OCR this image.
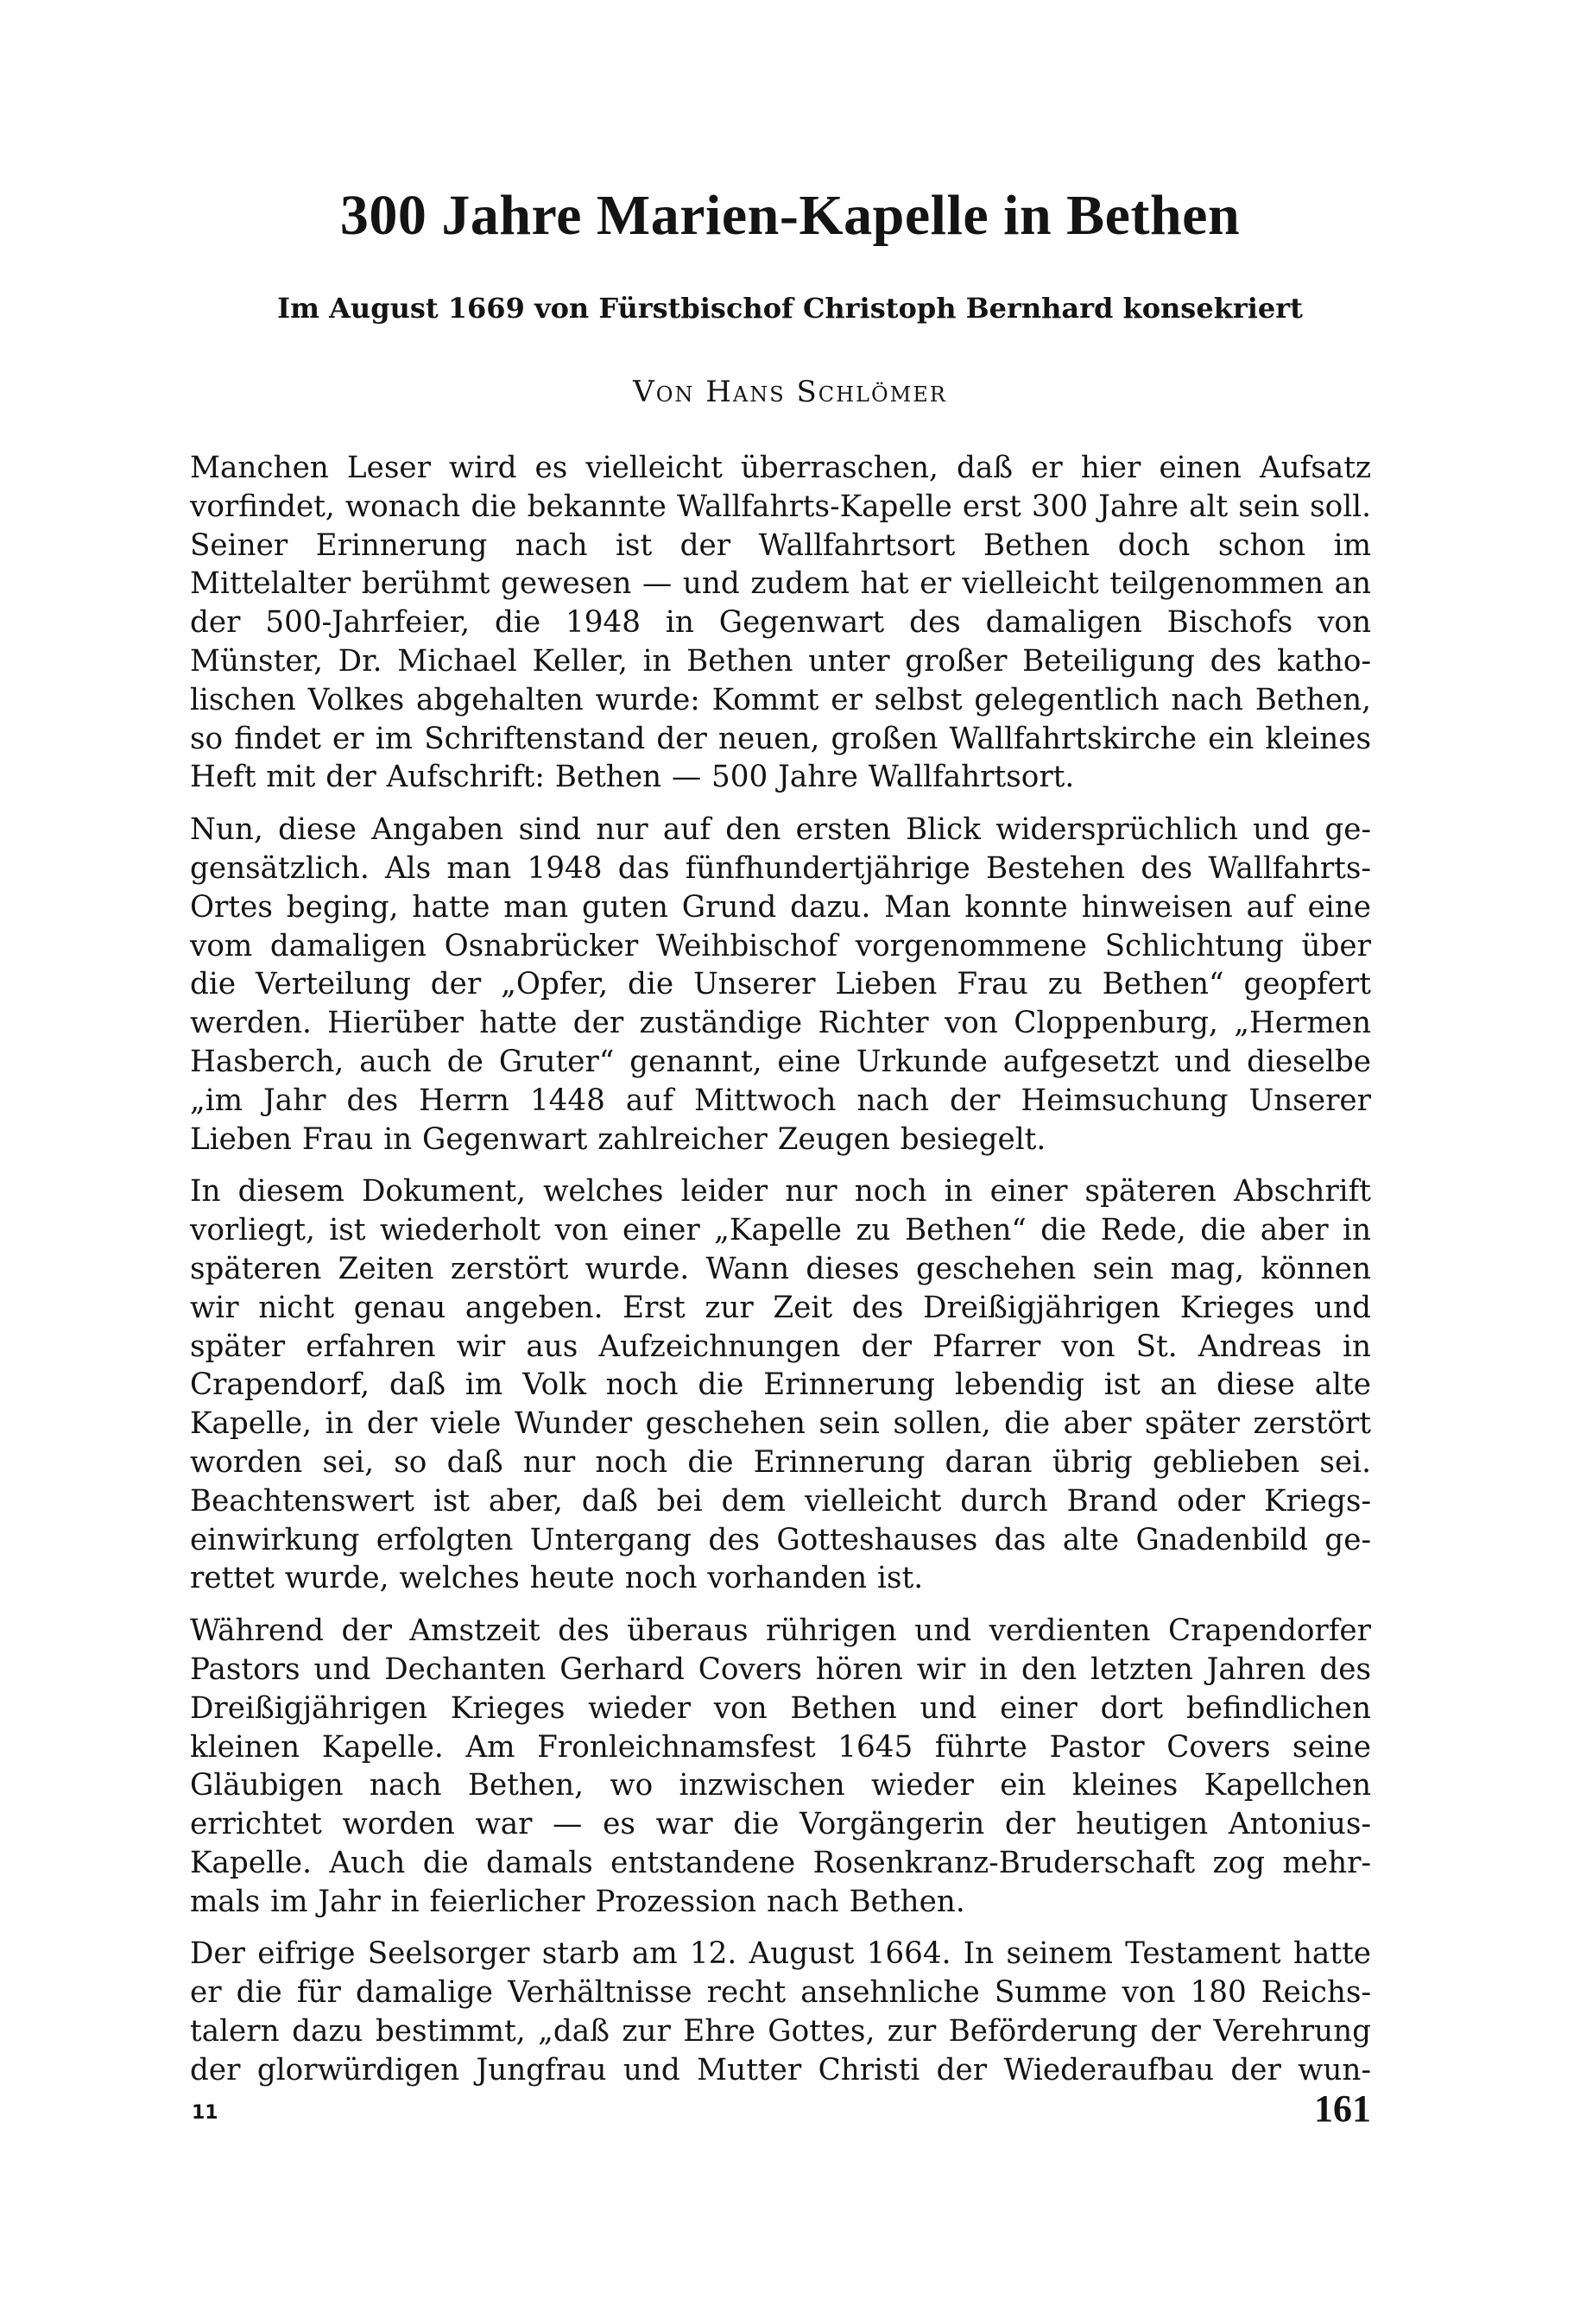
300 Jahre Marien-Kapelle in Bethen
Im August 1669 von Fürstbischof Christoph Bernhard konsekriert

Von Hans Schlömer

Manchen Leser wird es vielleicht überraschen, daß er hier einen Aufsatz vorfindet, wonach die bekannte Wallfahrts-Kapelle erst 300 Jahre alt sein soll. Seiner Erinnerung nach ist der Wallfahrtsort Bethen doch schon im Mittelalter berühmt gewesen — und zudem hat er vielleicht teilgenommen an der 500-Jahrfeier, die 1948 in Gegenwart des damaligen Bischofs von Münster, Dr. Michael Keller, in Bethen unter großer Beteiligung des katholischen Volkes abgehalten wurde: Kommt er selbst gelegentlich nach Bethen, so findet er im Schriftenstand der neuen, großen Wallfahrtskirche ein kleines Heft mit der Aufschrift: Bethen — 500 Jahre Wallfahrtsort.

Nun, diese Angaben sind nur auf den ersten Blick widersprüchlich und gegensätzlich. Als man 1948 das fünfhundertjährige Bestehen des Wallfahrts-Ortes beging, hatte man guten Grund dazu. Man konnte hinweisen auf eine vom damaligen Osnabrücker Weihbischof vorgenommene Schlichtung über die Verteilung der „Opfer, die Unserer Lieben Frau zu Bethen“ geopfert werden. Hierüber hatte der zuständige Richter von Cloppenburg, „Hermen Hasberch, auch de Gruter“ genannt, eine Urkunde aufgesetzt und dieselbe „im Jahr des Herrn 1448 auf Mittwoch nach der Heimsuchung Unserer Lieben Frau in Gegenwart zahlreicher Zeugen besiegelt.

In diesem Dokument, welches leider nur noch in einer späteren Abschrift vorliegt, ist wiederholt von einer „Kapelle zu Bethen“ die Rede, die aber in späteren Zeiten zerstört wurde. Wann dieses geschehen sein mag, können wir nicht genau angeben. Erst zur Zeit des Dreißigjährigen Krieges und später erfahren wir aus Aufzeichnungen der Pfarrer von St. Andreas in Crapendorf, daß im Volk noch die Erinnerung lebendig ist an diese alte Kapelle, in der viele Wunder geschehen sein sollen, die aber später zerstört worden sei, so daß nur noch die Erinnerung daran übrig geblieben sei. Beachtenswert ist aber, daß bei dem vielleicht durch Brand oder Kriegseinwirkung erfolgten Untergang des Gotteshauses das alte Gnadenbild gerettet wurde, welches heute noch vorhanden ist.

Während der Amstzeit des überaus rührigen und verdienten Crapendorfer Pastors und Dechanten Gerhard Covers hören wir in den letzten Jahren des Dreißigjährigen Krieges wieder von Bethen und einer dort befindlichen kleinen Kapelle. Am Fronleichnamsfest 1645 führte Pastor Covers seine Gläubigen nach Bethen, wo inzwischen wieder ein kleines Kapellchen errichtet worden war — es war die Vorgängerin der heutigen Antonius-Kapelle. Auch die damals entstandene Rosenkranz-Bruderschaft zog mehrmals im Jahr in feierlicher Prozession nach Bethen.

Der eifrige Seelsorger starb am 12. August 1664. In seinem Testament hatte er die für damalige Verhältnisse recht ansehnliche Summe von 180 Reichstalern dazu bestimmt, „daß zur Ehre Gottes, zur Beförderung der Verehrung der glorwürdigen Jungfrau und Mutter Christi der Wiederaufbau der wun-

11	161
